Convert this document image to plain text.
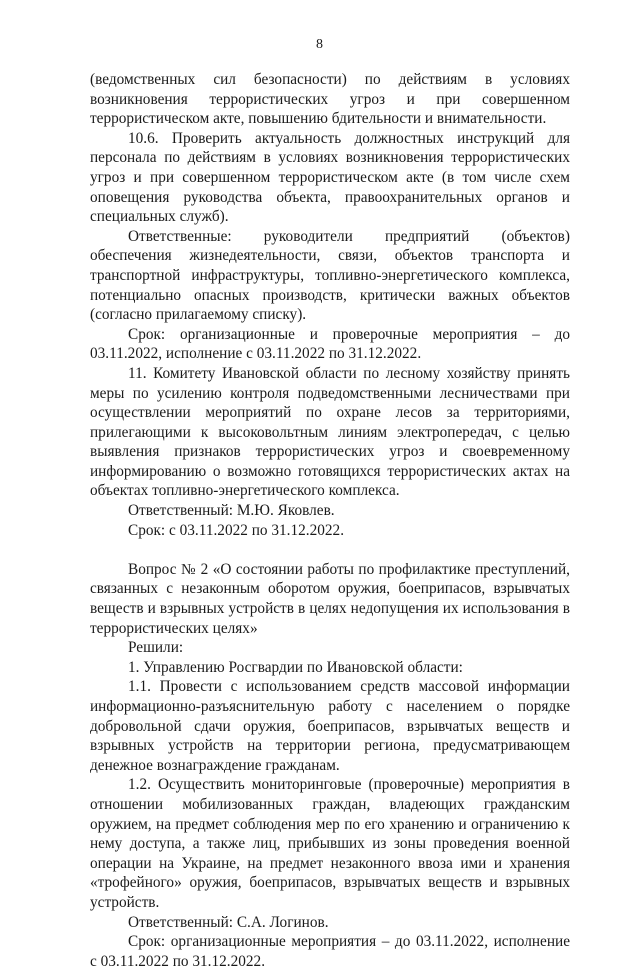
8

(ведомственных сил безопасности) по действиям в условиях возникновения террористических угроз и при совершенном террористическом акте, повышению бдительности и внимательности.

10.6. Проверить актуальность должностных инструкций для персонала по действиям в условиях возникновения террористических угроз и при совершенном террористическом акте (в том числе схем оповещения руководства объекта, правоохранительных органов и специальных служб).

Ответственные: руководители предприятий (объектов) обеспечения жизнедеятельности, связи, объектов транспорта и транспортной инфраструктуры, топливно-энергетического комплекса, потенциально опасных производств, критически важных объектов (согласно прилагаемому списку).

Срок: организационные и проверочные мероприятия – до 03.11.2022, исполнение с 03.11.2022 по 31.12.2022.

11. Комитету Ивановской области по лесному хозяйству принять меры по усилению контроля подведомственными лесничествами при осуществлении мероприятий по охране лесов за территориями, прилегающими к высоковольтным линиям электропередач, с целью выявления признаков террористических угроз и своевременному информированию о возможно готовящихся террористических актах на объектах топливно-энергетического комплекса.

Ответственный: М.Ю. Яковлев.

Срок: с 03.11.2022 по 31.12.2022.

Вопрос № 2 «О состоянии работы по профилактике преступлений, связанных с незаконным оборотом оружия, боеприпасов, взрывчатых веществ и взрывных устройств в целях недопущения их использования в террористических целях»

Решили:

1. Управлению Росгвардии по Ивановской области:

1.1. Провести с использованием средств массовой информации информационно-разъяснительную работу с населением о порядке добровольной сдачи оружия, боеприпасов, взрывчатых веществ и взрывных устройств на территории региона, предусматривающем денежное вознаграждение гражданам.

1.2. Осуществить мониторинговые (проверочные) мероприятия в отношении мобилизованных граждан, владеющих гражданским оружием, на предмет соблюдения мер по его хранению и ограничению к нему доступа, а также лиц, прибывших из зоны проведения военной операции на Украине, на предмет незаконного ввоза ими и хранения «трофейного» оружия, боеприпасов, взрывчатых веществ и взрывных устройств.

Ответственный: С.А. Логинов.

Срок: организационные мероприятия – до 03.11.2022, исполнение с 03.11.2022 по 31.12.2022.
